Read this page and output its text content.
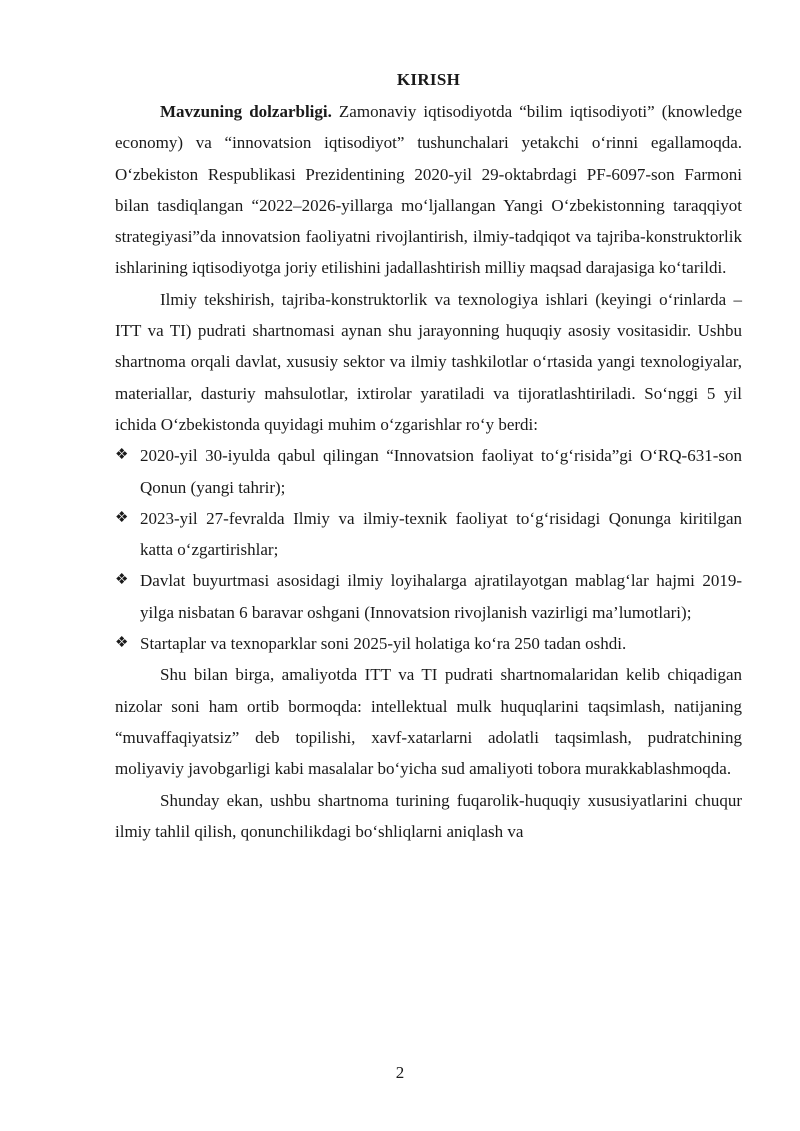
KIRISH

Mavzuning dolzarbligi. Zamonaviy iqtisodiyotda “bilim iqtisodiyoti” (knowledge economy) va “innovatsion iqtisodiyot” tushunchalari yetakchi o‘rinni egallamoqda. O‘zbekiston Respublikasi Prezidentining 2020-yil 29-oktabrdagi PF-6097-son Farmoni bilan tasdiqlangan “2022–2026-yillarga mo‘ljallangan Yangi O‘zbekistonning taraqqiyot strategiyasi”da innovatsion faoliyatni rivojlantirish, ilmiy-tadqiqot va tajriba-konstruktorlik ishlarining iqtisodiyotga joriy etilishini jadallashtirish milliy maqsad darajasiga ko‘tarildi.

Ilmiy tekshirish, tajriba-konstruktorlik va texnologiya ishlari (keyingi o‘rinlarda – ITT va TI) pudrati shartnomasi aynan shu jarayonning huquqiy asosiy vositasidir. Ushbu shartnoma orqali davlat, xususiy sektor va ilmiy tashkilotlar o‘rtasida yangi texnologiyalar, materiallar, dasturiy mahsulotlar, ixtirolar yaratiladi va tijoratlashtiriladi. So‘nggi 5 yil ichida O‘zbekistonda quyidagi muhim o‘zgarishlar ro‘y berdi:

❖ 2020-yil 30-iyulda qabul qilingan “Innovatsion faoliyat to‘g‘risida”gi O‘RQ-631-son Qonun (yangi tahrir);
❖ 2023-yil 27-fevralda Ilmiy va ilmiy-texnik faoliyat to‘g‘risidagi Qonunga kiritilgan katta o‘zgartirishlar;
❖ Davlat buyurtmasi asosidagi ilmiy loyihalarga ajratilayotgan mablag‘lar hajmi 2019-yilga nisbatan 6 baravar oshgani (Innovatsion rivojlanish vazirligi ma’lumotlari);
❖ Startaplar va texnoparklar soni 2025-yil holatiga ko‘ra 250 tadan oshdi.

Shu bilan birga, amaliyotda ITT va TI pudrati shartnomalaridan kelib chiqadigan nizolar soni ham ortib bormoqda: intellektual mulk huquqlarini taqsimlash, natijaning “muvaffaqiyatsiz” deb topilishi, xavf-xatarlarni adolatli taqsimlash, pudratchining moliyaviy javobgarligi kabi masalalar bo‘yicha sud amaliyoti tobora murakkablashmoqda.

Shunday ekan, ushbu shartnoma turining fuqarolik-huquqiy xususiyatlarini chuqur ilmiy tahlil qilish, qonunchilikdagi bo‘shliqlarni aniqlash va

2
